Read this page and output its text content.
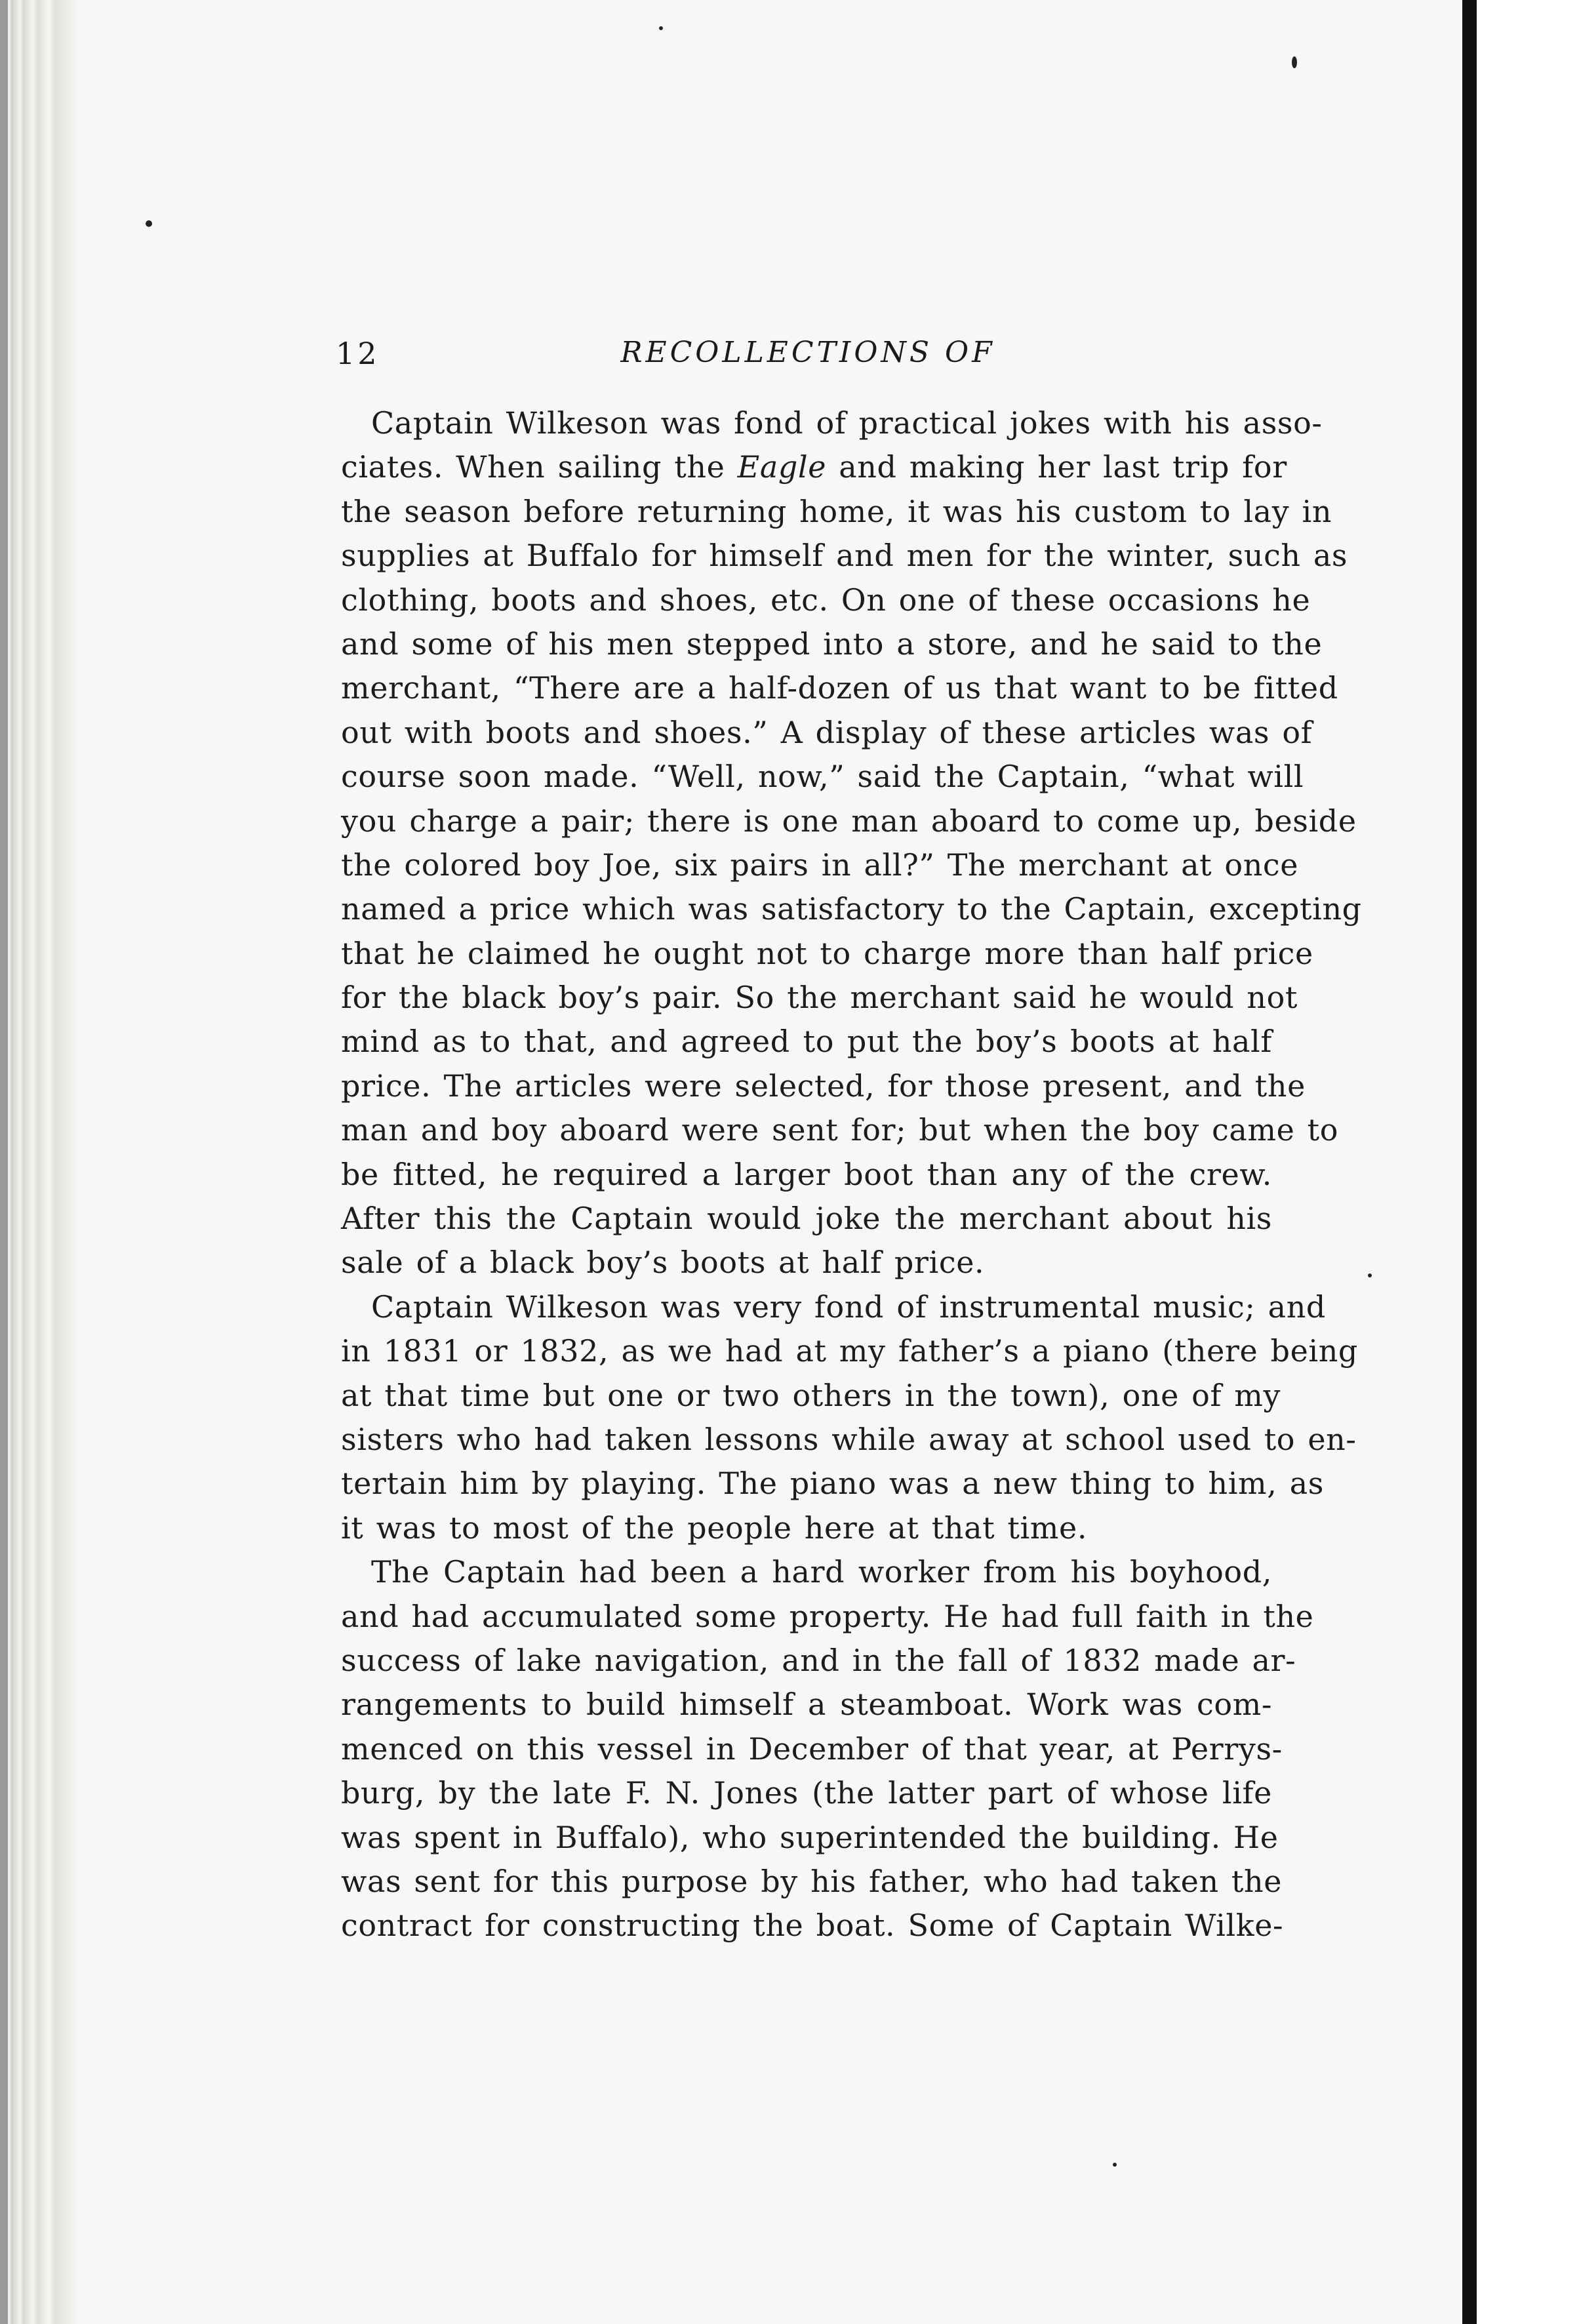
12	RECOLLECTIONS OF
Captain Wilkeson was fond of practical jokes with his asso-
ciates. When sailing the Eagle and making her last trip for
the season before returning home, it was his custom to lay in
supplies at Buffalo for himself and men for the winter, such as
clothing, boots and shoes, etc. On one of these occasions he
and some of his men stepped into a store, and he said to the
merchant, “There are a half-dozen of us that want to be fitted
out with boots and shoes.” A display of these articles was of
course soon made. “Well, now,” said the Captain, “what will
you charge a pair; there is one man aboard to come up, beside
the colored boy Joe, six pairs in all?” The merchant at once
named a price which was satisfactory to the Captain, excepting
that he claimed he ought not to charge more than half price
for the black boy’s pair. So the merchant said he would not
mind as to that, and agreed to put the boy’s boots at half
price. The articles were selected, for those present, and the
man and boy aboard were sent for; but when the boy came to
be fitted, he required a larger boot than any of the crew.
After this the Captain would joke the merchant about his
sale of a black boy’s boots at half price.
Captain Wilkeson was very fond of instrumental music; and
in 1831 or 1832, as we had at my father’s a piano (there being
at that time but one or two others in the town), one of my
sisters who had taken lessons while away at school used to en-
tertain him by playing. The piano was a new thing to him, as
it was to most of the people here at that time.
The Captain had been a hard worker from his boyhood,
and had accumulated some property. He had full faith in the
success of lake navigation, and in the fall of 1832 made ar-
rangements to build himself a steamboat. Work was com-
menced on this vessel in December of that year, at Perrys-
burg, by the late F. N. Jones (the latter part of whose life
was spent in Buffalo), who superintended the building. He
was sent for this purpose by his father, who had taken the
contract for constructing the boat. Some of Captain Wilke-
